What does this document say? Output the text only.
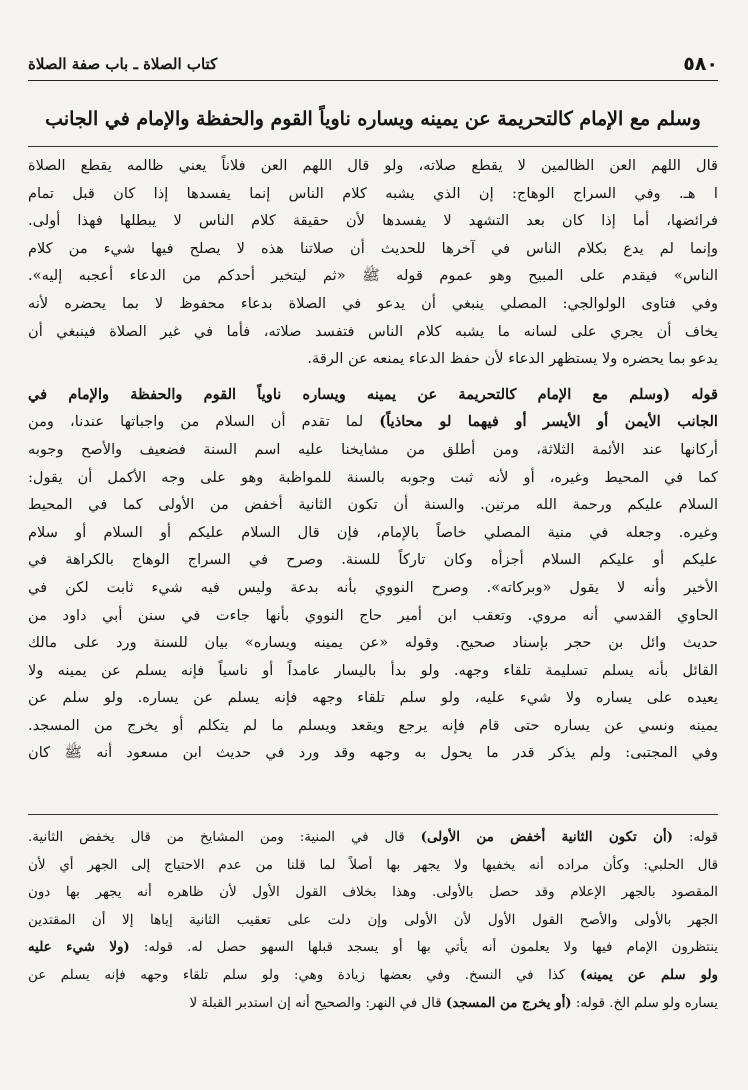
٥٨٠
كتاب الصلاة ـ باب صفة الصلاة
وسلم مع الإمام كالتحريمة عن يمينه ويساره ناوياً القوم والحفظة والإمام في الجانب
قال اللهم العن الظالمين لا يقطع صلاته، ولو قال اللهم العن فلاناً يعني ظالمه يقطع الصلاة
ا هـ. وفي السراج الوهاج: إن الذي يشبه كلام الناس إنما يفسدها إذا كان قبل تمام
فرائضها، أما إذا كان بعد التشهد لا يفسدها لأن حقيقة كلام الناس لا يبطلها فهذا أولى.
وإنما لم يدع بكلام الناس في آخرها للحديث أن صلاتنا هذه لا يصلح فيها شيء من كلام
الناس» فيقدم على المبيح وهو عموم قوله ﷺ «ثم ليتخير أحدكم من الدعاء أعجبه إليه».
وفي فتاوى الولوالجي: المصلي ينبغي أن يدعو في الصلاة بدعاء محفوظ لا بما يحضره لأنه
يخاف أن يجري على لسانه ما يشبه كلام الناس فتفسد صلاته، فأما في غير الصلاة فينبغي أن
يدعو بما يحضره ولا يستظهر الدعاء لأن حفظ الدعاء يمنعه عن الرقة.
قوله (وسلم مع الإمام كالتحريمة عن يمينه ويساره ناوياً القوم والحفظة والإمام في
الجانب الأيمن أو الأيسر أو فيهما لو محاذياً) لما تقدم أن السلام من واجباتها عندنا، ومن
أركانها عند الأئمة الثلاثة، ومن أطلق من مشايخنا عليه اسم السنة فضعيف والأصح وجوبه
كما في المحيط وغيره، أو لأنه ثبت وجوبه بالسنة للمواظبة وهو على وجه الأكمل أن يقول:
السلام عليكم ورحمة الله مرتين. والسنة أن تكون الثانية أخفض من الأولى كما في المحيط
وغيره. وجعله في منية المصلي خاصاً بالإمام، فإن قال السلام عليكم أو السلام أو سلام
عليكم أو عليكم السلام أجزأه وكان تاركاً للسنة. وصرح في السراج الوهاج بالكراهة في
الأخير وأنه لا يقول «وبركاته». وصرح النووي بأنه بدعة وليس فيه شيء ثابت لكن في
الحاوي القدسي أنه مروي. وتعقب ابن أمير حاج النووي بأنها جاءت في سنن أبي داود من
حديث وائل بن حجر بإسناد صحيح. وقوله «عن يمينه ويساره» بيان للسنة ورد على مالك
القائل بأنه يسلم تسليمة تلقاء وجهه. ولو بدأ باليسار عامداً أو ناسياً فإنه يسلم عن يمينه ولا
يعيده على يساره ولا شيء عليه، ولو سلم تلقاء وجهه فإنه يسلم عن يساره. ولو سلم عن
يمينه ونسي عن يساره حتى قام فإنه يرجع ويقعد ويسلم ما لم يتكلم أو يخرج من المسجد.
وفي المجتبى: ولم يذكر قدر ما يحول به وجهه وقد ورد في حديث ابن مسعود أنه ﷺ كان
قوله: (أن تكون الثانية أخفض من الأولى) قال في المنية: ومن المشايخ من قال يخفض الثانية.
قال الحلبي: وكأن مراده أنه يخفيها ولا يجهر بها أصلاً لما قلنا من عدم الاحتياج إلى الجهر أي لأن
المقصود بالجهر الإعلام وقد حصل بالأولى. وهذا بخلاف القول الأول لأن ظاهره أنه يجهر بها دون
الجهر بالأولى والأصح القول الأول لأن الأولى وإن دلت على تعقيب الثانية إياها إلا أن المقتدين
ينتظرون الإمام فيها ولا يعلمون أنه يأتي بها أو يسجد قبلها السهو حصل له. قوله: (ولا شيء عليه
ولو سلم عن يمينه) كذا في النسخ. وفي بعضها زيادة وهي: ولو سلم تلقاء وجهه فإنه يسلم عن
يساره ولو سلم الخ. قوله: (أو يخرج من المسجد) قال في النهر: والصحيح أنه إن استدبر القبلة لا
